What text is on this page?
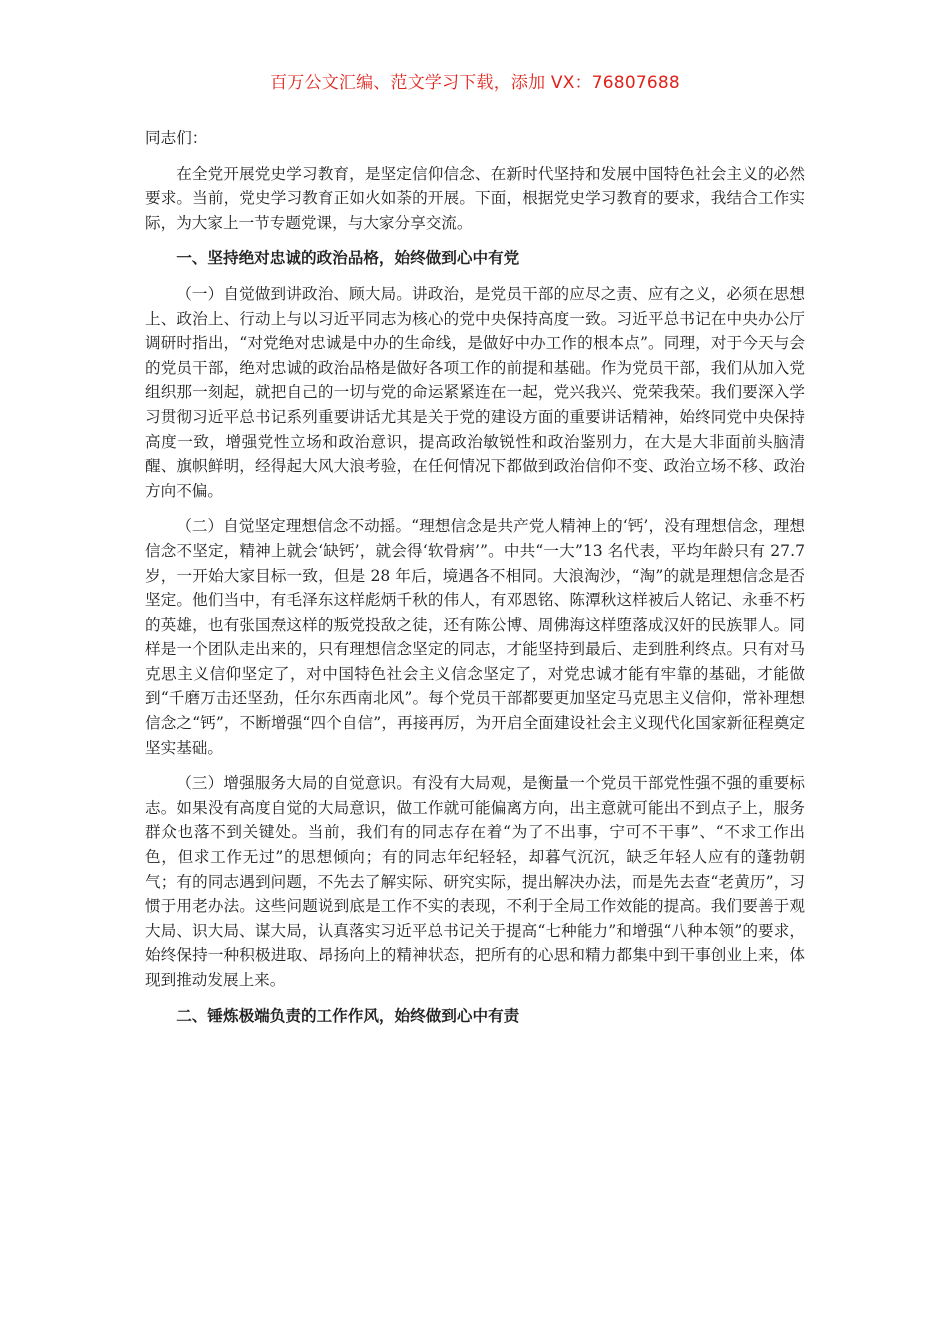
百万公文汇编、范文学习下载，添加 VX：76807688

同志们：

在全党开展党史学习教育，是坚定信仰信念、在新时代坚持和发展中国特色社会主义的必然要求。当前，党史学习教育正如火如荼的开展。下面，根据党史学习教育的要求，我结合工作实际，为大家上一节专题党课，与大家分享交流。

一、坚持绝对忠诚的政治品格，始终做到心中有党

（一）自觉做到讲政治、顾大局。讲政治，是党员干部的应尽之责、应有之义，必须在思想上、政治上、行动上与以习近平同志为核心的党中央保持高度一致。习近平总书记在中央办公厅调研时指出，“对党绝对忠诚是中办的生命线，是做好中办工作的根本点”。同理，对于今天与会的党员干部，绝对忠诚的政治品格是做好各项工作的前提和基础。作为党员干部，我们从加入党组织那一刻起，就把自己的一切与党的命运紧紧连在一起，党兴我兴、党荣我荣。我们要深入学习贯彻习近平总书记系列重要讲话尤其是关于党的建设方面的重要讲话精神，始终同党中央保持高度一致，增强党性立场和政治意识，提高政治敏锐性和政治鉴别力，在大是大非面前头脑清醒、旗帜鲜明，经得起大风大浪考验，在任何情况下都做到政治信仰不变、政治立场不移、政治方向不偏。

（二）自觉坚定理想信念不动摇。“理想信念是共产党人精神上的‘钙’，没有理想信念，理想信念不坚定，精神上就会‘缺钙’，就会得‘软骨病’”。中共“一大”13 名代表，平均年龄只有 27.7 岁，一开始大家目标一致，但是 28 年后，境遇各不相同。大浪淘沙，“淘”的就是理想信念是否坚定。他们当中，有毛泽东这样彪炳千秋的伟人，有邓恩铭、陈潭秋这样被后人铭记、永垂不朽的英雄，也有张国焘这样的叛党投敌之徒，还有陈公博、周佛海这样堕落成汉奸的民族罪人。同样是一个团队走出来的，只有理想信念坚定的同志，才能坚持到最后、走到胜利终点。只有对马克思主义信仰坚定了，对中国特色社会主义信念坚定了，对党忠诚才能有牢靠的基础，才能做到“千磨万击还坚劲，任尔东西南北风”。每个党员干部都要更加坚定马克思主义信仰，常补理想信念之“钙”，不断增强“四个自信”，再接再厉，为开启全面建设社会主义现代化国家新征程奠定坚实基础。

（三）增强服务大局的自觉意识。有没有大局观，是衡量一个党员干部党性强不强的重要标志。如果没有高度自觉的大局意识，做工作就可能偏离方向，出主意就可能出不到点子上，服务群众也落不到关键处。当前，我们有的同志存在着“为了不出事，宁可不干事”、“不求工作出色，但求工作无过”的思想倾向；有的同志年纪轻轻，却暮气沉沉，缺乏年轻人应有的蓬勃朝气；有的同志遇到问题，不先去了解实际、研究实际，提出解决办法，而是先去查“老黄历”，习惯于用老办法。这些问题说到底是工作不实的表现，不利于全局工作效能的提高。我们要善于观大局、识大局、谋大局，认真落实习近平总书记关于提高“七种能力”和增强“八种本领”的要求，始终保持一种积极进取、昂扬向上的精神状态，把所有的心思和精力都集中到干事创业上来，体现到推动发展上来。

二、锤炼极端负责的工作作风，始终做到心中有责
